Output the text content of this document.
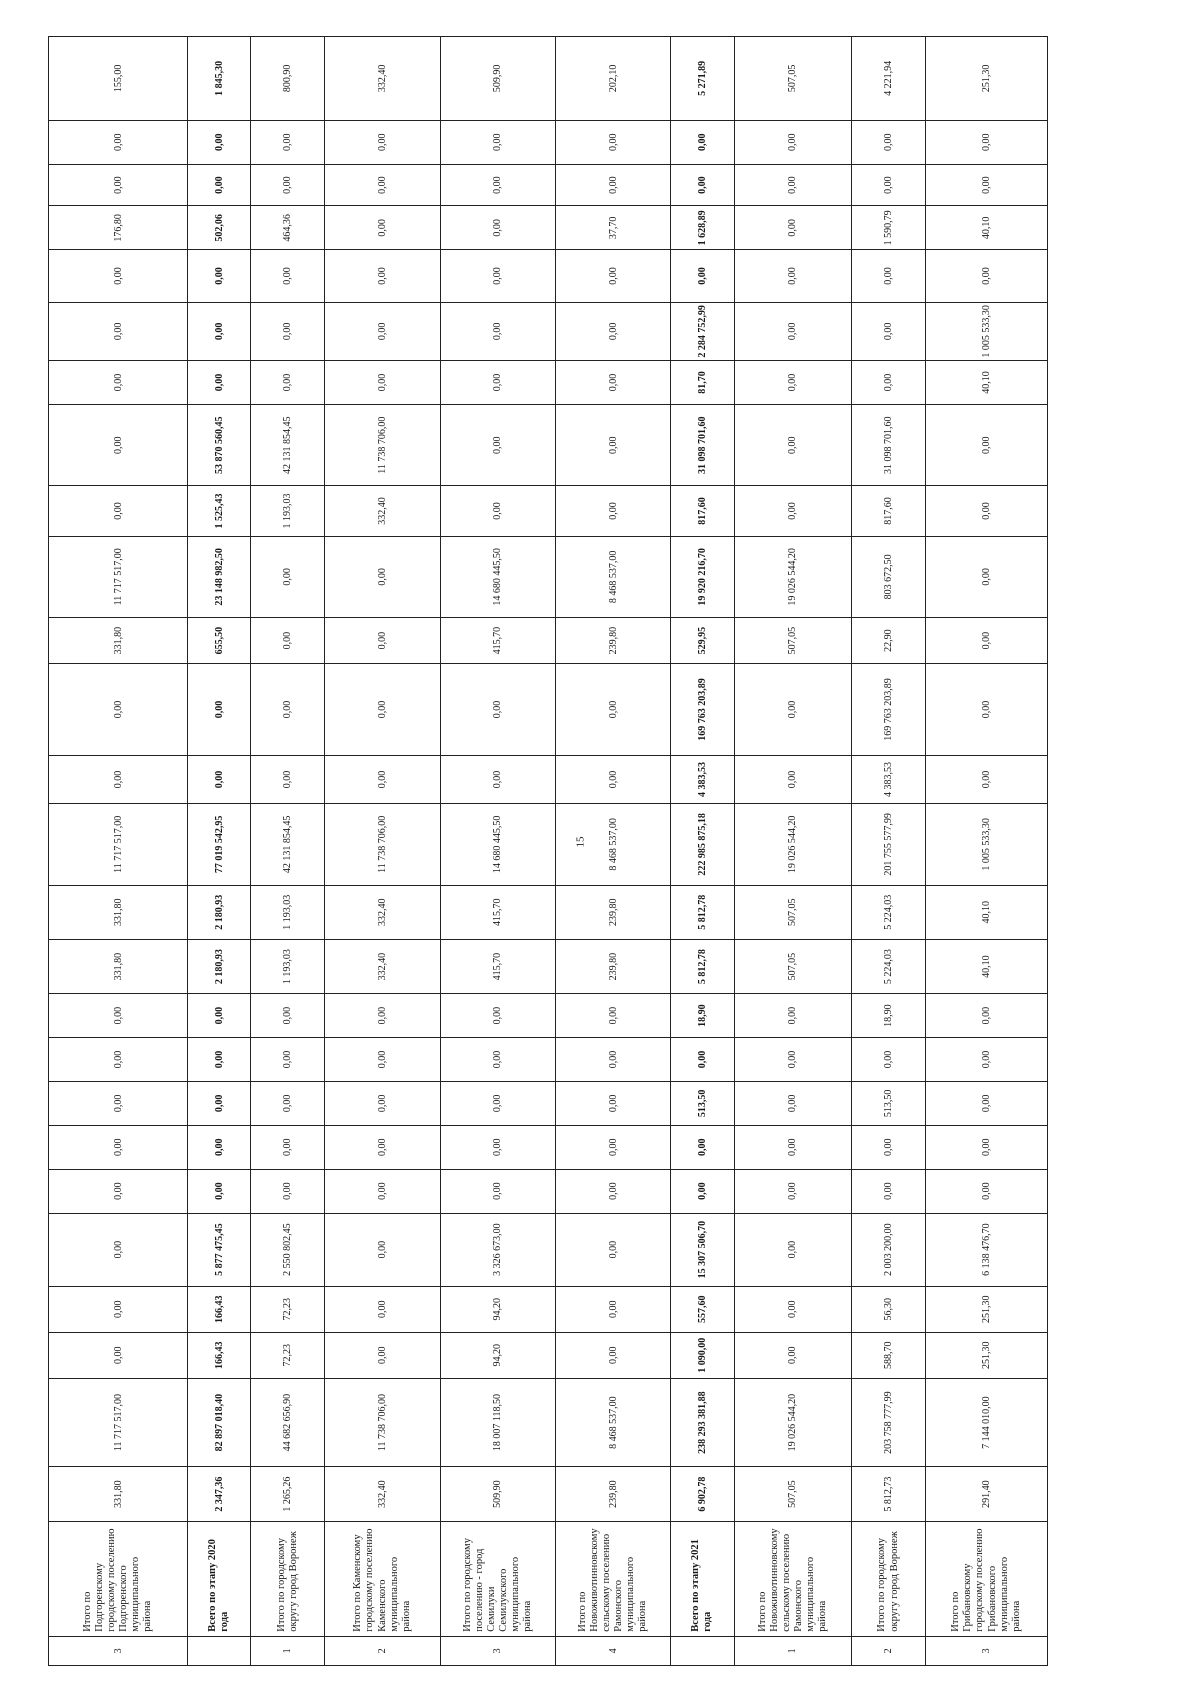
15
3	Итого по Подгоренскому городскому поселению Подгоренского муниципального района	331,80	11 717 517,00	0,00	0,00	0,00	0,00	0,00	0,00	0,00	0,00	331,80	331,80	11 717 517,00	0,00	0,00	331,80	11 717 517,00	0,00	0,00	0,00	0,00	0,00	176,80	0,00	0,00	155,00
	Всего по этапу 2020 года	2 347,36	82 897 018,40	166,43	166,43	5 877 475,45	0,00	0,00	0,00	0,00	0,00	2 180,93	2 180,93	77 019 542,95	0,00	0,00	655,50	23 148 982,50	1 525,43	53 870 560,45	0,00	0,00	0,00	502,06	0,00	0,00	1 845,30
1	Итого по городскому округу город Воронеж	1 265,26	44 682 656,90	72,23	72,23	2 550 802,45	0,00	0,00	0,00	0,00	0,00	1 193,03	1 193,03	42 131 854,45	0,00	0,00	0,00	0,00	1 193,03	42 131 854,45	0,00	0,00	0,00	464,36	0,00	0,00	800,90
2	Итого по Каменскому городскому поселению Каменского муниципального района	332,40	11 738 706,00	0,00	0,00	0,00	0,00	0,00	0,00	0,00	0,00	332,40	332,40	11 738 706,00	0,00	0,00	0,00	0,00	332,40	11 738 706,00	0,00	0,00	0,00	0,00	0,00	0,00	332,40
3	Итого по городскому поселению - город Семилуки Семилукского муниципального района	509,90	18 007 118,50	94,20	94,20	3 326 673,00	0,00	0,00	0,00	0,00	0,00	415,70	415,70	14 680 445,50	0,00	0,00	415,70	14 680 445,50	0,00	0,00	0,00	0,00	0,00	0,00	0,00	0,00	509,90
4	Итого по Новоживотинновскому сельскому поселению Рамонского муниципального района	239,80	8 468 537,00	0,00	0,00	0,00	0,00	0,00	0,00	0,00	0,00	239,80	239,80	8 468 537,00	0,00	0,00	239,80	8 468 537,00	0,00	0,00	0,00	0,00	0,00	37,70	0,00	0,00	202,10
	Всего по этапу 2021 года	6 902,78	238 293 381,88	1 090,00	557,60	15 307 506,70	0,00	0,00	513,50	0,00	18,90	5 812,78	5 812,78	222 985 875,18	4 383,53	169 763 203,89	529,95	19 920 216,70	817,60	31 098 701,60	81,70	2 284 752,99	0,00	1 628,89	0,00	0,00	5 271,89
1	Итого по Новоживотинновскому сельскому поселению Рамонского муниципального района	507,05	19 026 544,20	0,00	0,00	0,00	0,00	0,00	0,00	0,00	0,00	507,05	507,05	19 026 544,20	0,00	0,00	507,05	19 026 544,20	0,00	0,00	0,00	0,00	0,00	0,00	0,00	0,00	507,05
2	Итого по городскому округу город Воронеж	5 812,73	203 758 777,99	588,70	56,30	2 003 200,00	0,00	0,00	513,50	0,00	18,90	5 224,03	5 224,03	201 755 577,99	4 383,53	169 763 203,89	22,90	803 672,50	817,60	31 098 701,60	0,00	0,00	0,00	1 590,79	0,00	0,00	4 221,94
3	Итого по Грибановскому городскому поселению Грибановского муниципального района	291,40	7 144 010,00	251,30	251,30	6 138 476,70	0,00	0,00	0,00	0,00	0,00	40,10	40,10	1 005 533,30	0,00	0,00	0,00	0,00	0,00	0,00	40,10	1 005 533,30	0,00	40,10	0,00	0,00	251,30
